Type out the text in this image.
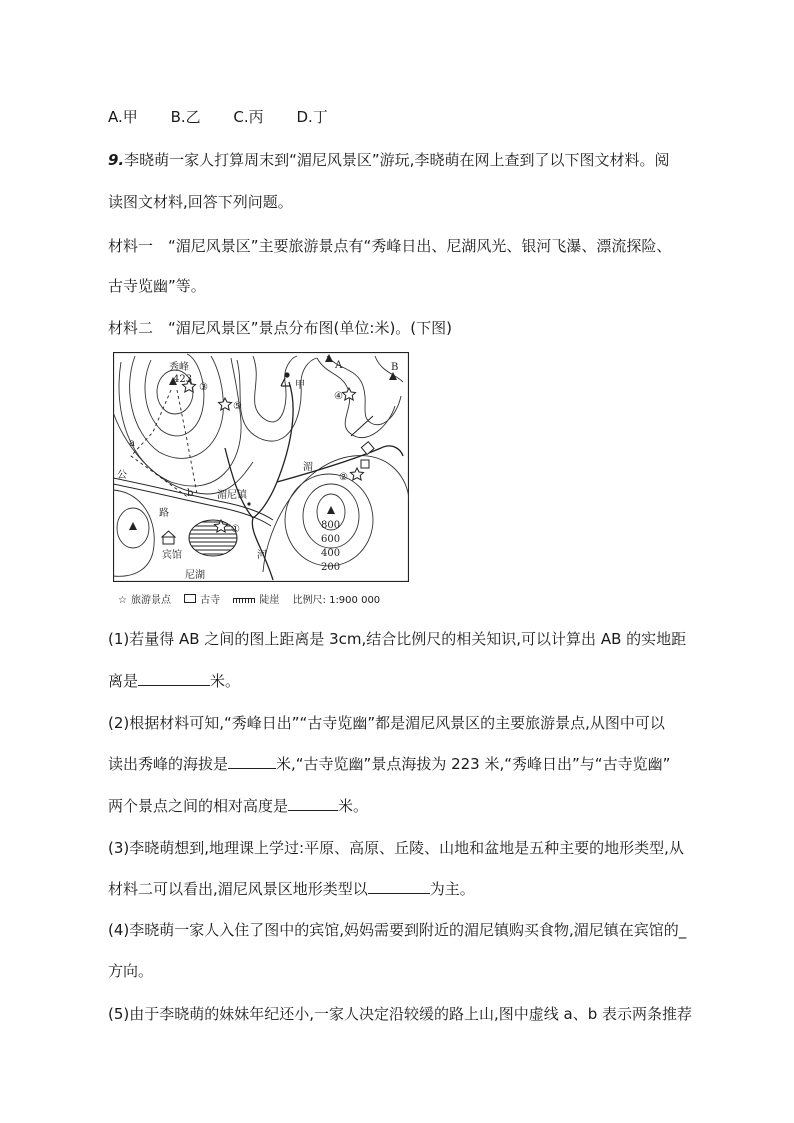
A.甲 B.乙 C.丙 D.丁
9.李晓萌一家人打算周末到“湄尼风景区”游玩,李晓萌在网上查到了以下图文材料。阅
读图文材料,回答下列问题。
材料一　“湄尼风景区”主要旅游景点有“秀峰日出、尼湖风光、银河飞瀑、漂流探险、
古寺览幽”等。
材料二　“湄尼风景区”景点分布图(单位:米)。(下图)
秀峰
423
③
⑤
④
②
①
A	B
甲
a
b
湄
湄尼镇
公
路
宾馆	河
尼湖
800
600
400
200
☆ 旅游景点	古寺	陡崖 比例尺: 1:900 000
(1)若量得 AB 之间的图上距离是 3cm,结合比例尺的相关知识,可以计算出 AB 的实地距
离是	米。
(2)根据材料可知,“秀峰日出”“古寺览幽”都是湄尼风景区的主要旅游景点,从图中可以
读出秀峰的海拔是	米,“古寺览幽”景点海拔为 223 米,“秀峰日出”与“古寺览幽”
两个景点之间的相对高度是	米。
(3)李晓萌想到,地理课上学过:平原、高原、丘陵、山地和盆地是五种主要的地形类型,从
材料二可以看出,湄尼风景区地形类型以	为主。
(4)李晓萌一家人入住了图中的宾馆,妈妈需要到附近的湄尼镇购买食物,湄尼镇在宾馆的_
方向。
(5)由于李晓萌的妹妹年纪还小,一家人决定沿较缓的路上山,图中虚线 a、b 表示两条推荐
